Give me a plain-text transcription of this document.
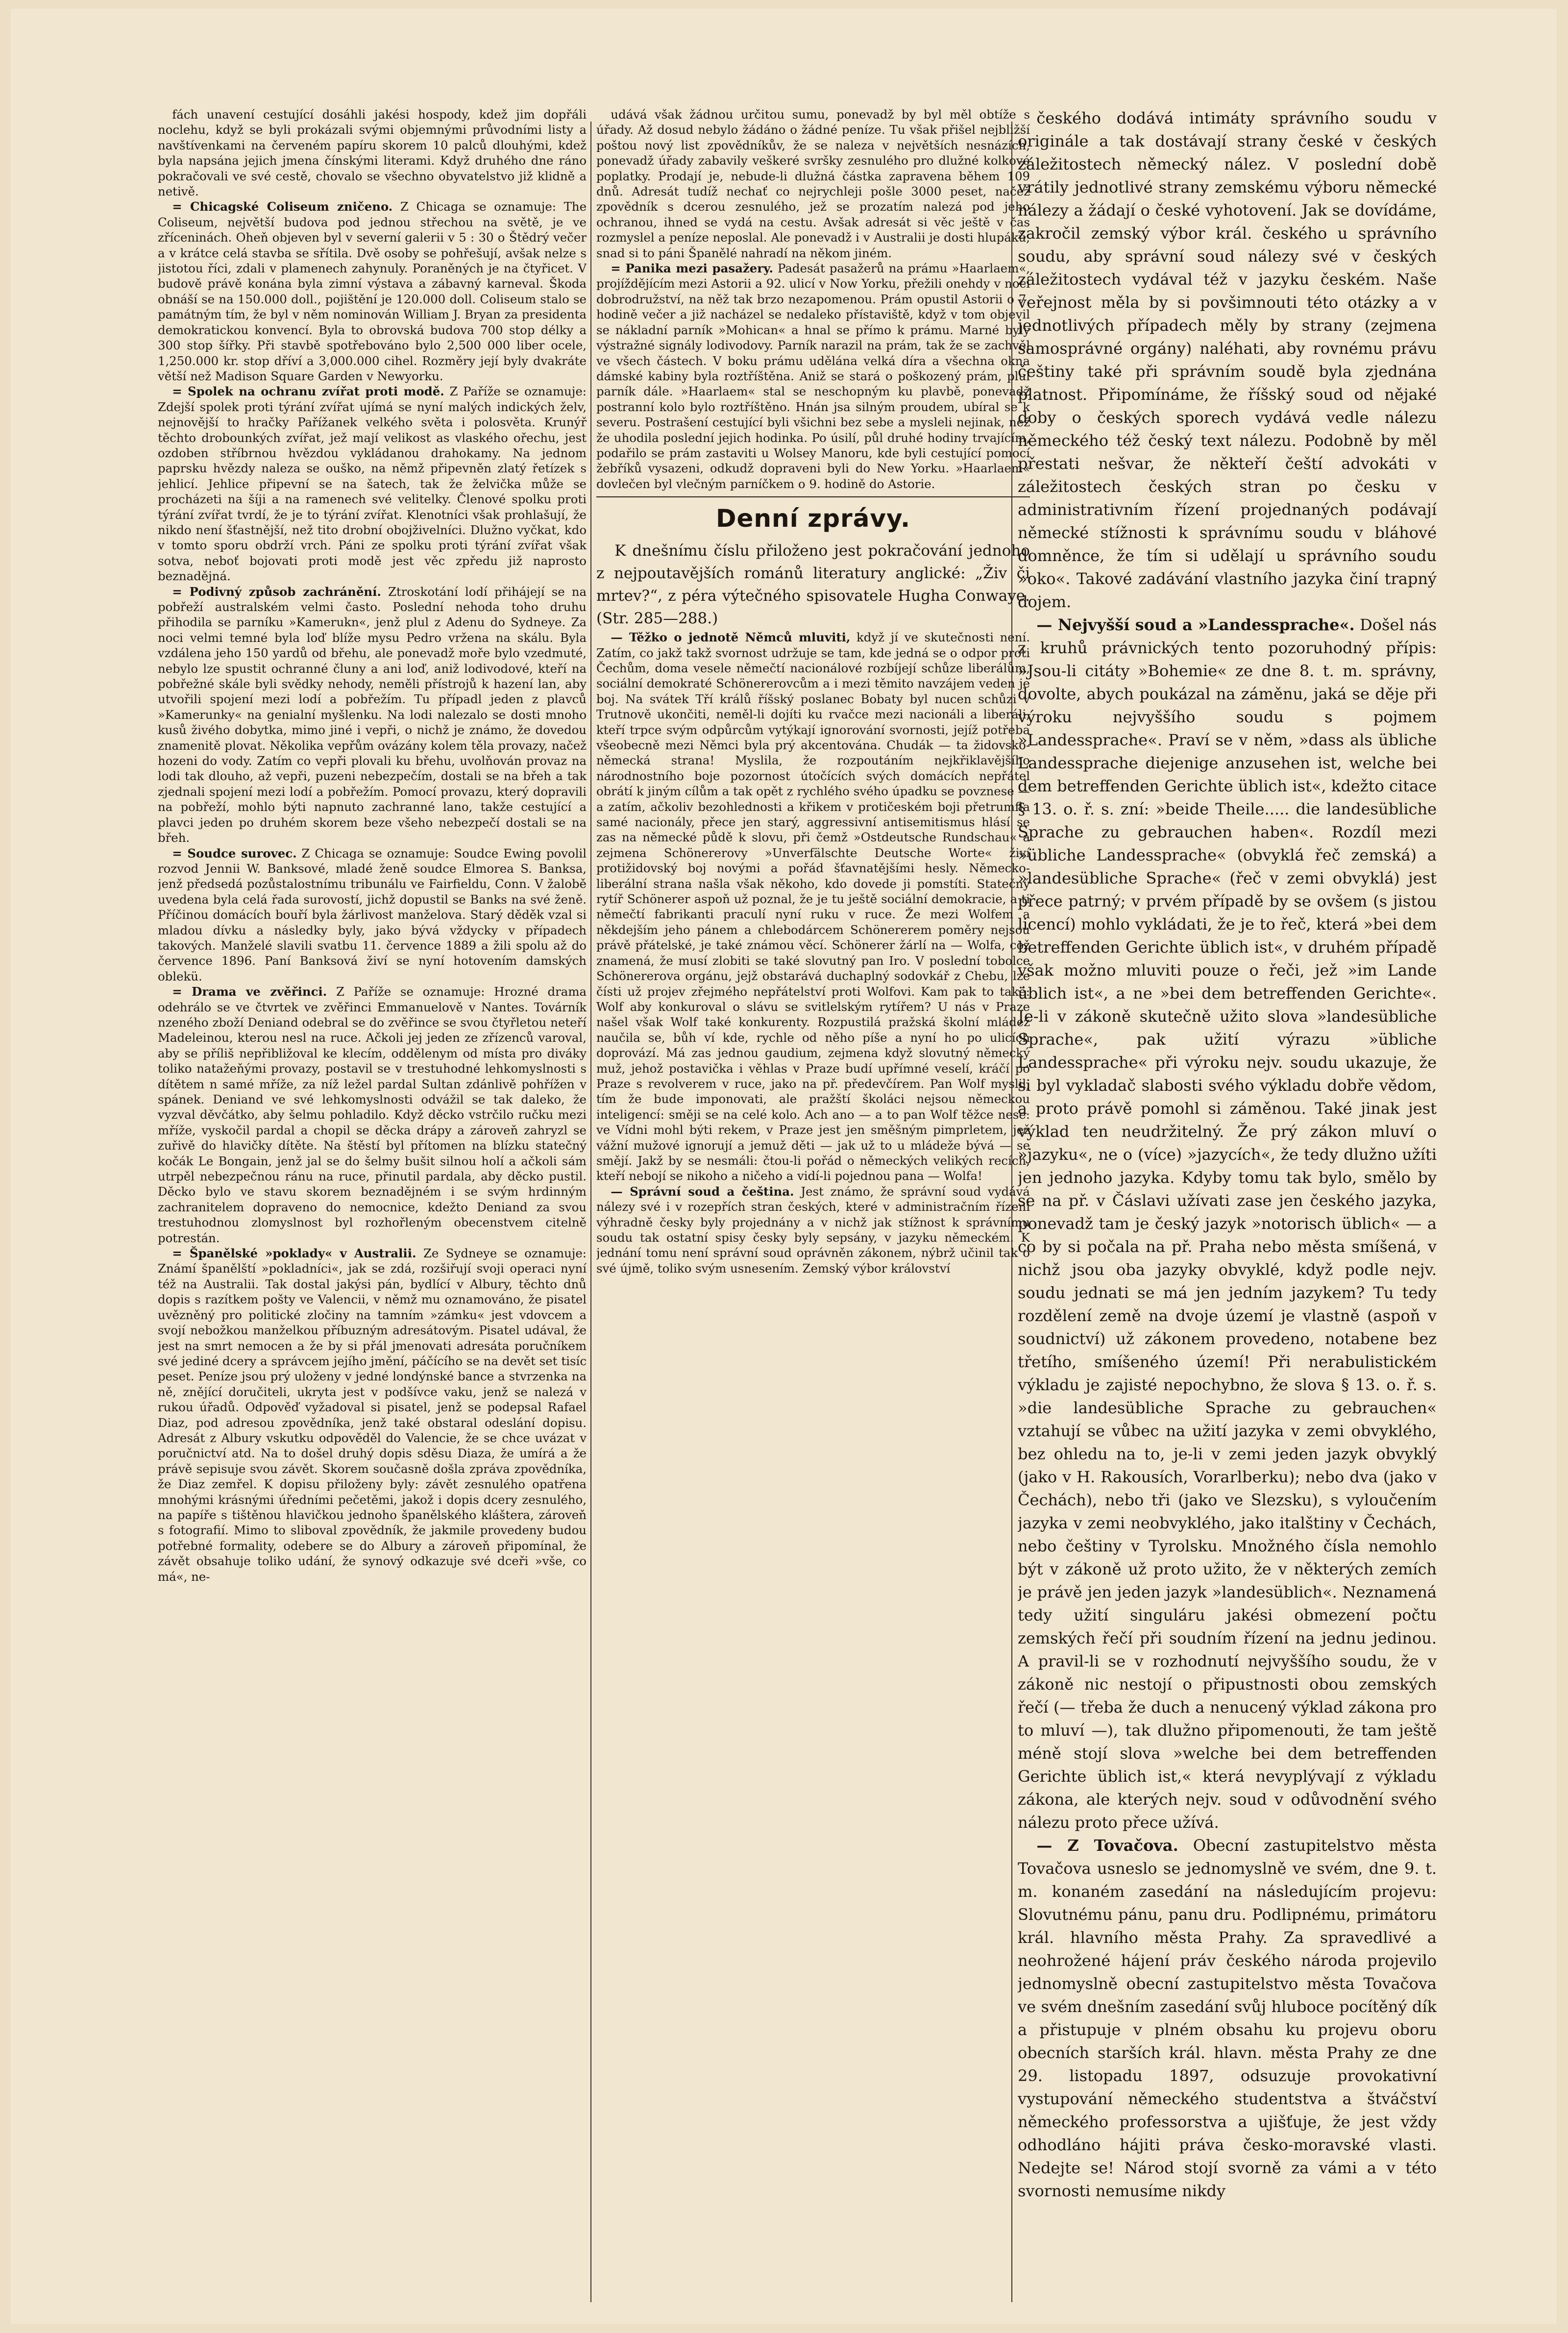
fách unavení cestující dosáhli jakési hospody, kdež jim dopřáli noclehu, když se byli prokázali svými objemnými průvodními listy a navštívenkami na červeném papíru skorem 10 palců dlouhými, kdež byla napsána jejich jmena čínskými literami. Když druhého dne ráno pokračovali ve své cestě, chovalo se všechno obyvatelstvo již klidně a netivě.

= Chicagské Coliseum zničeno. Z Chicaga se oznamuje: The Coliseum, největší budova pod jednou střechou na světě, je ve zříceninách. Oheň objeven byl v severní galerii v 5 : 30 o Štědrý večer a v krátce celá stavba se sřítila. Dvě osoby se pohřešují, avšak nelze s jistotou říci, zdali v plamenech zahynuly. Poraněných je na čtyřicet. V budově právě konána byla zimní výstava a zábavný karneval. Škoda obnáší se na 150.000 doll., pojištění je 120.000 doll. Coliseum stalo se památným tím, že byl v něm nominován William J. Bryan za presidenta demokratickou konvencí. Byla to obrovská budova 700 stop délky a 300 stop šířky. Při stavbě spotřebováno bylo 2,500 000 liber ocele, 1,250.000 kr. stop dříví a 3,000.000 cihel. Rozměry její byly dvakráte větší než Madison Square Garden v Newyorku.

= Spolek na ochranu zvířat proti modě. Z Paříže se oznamuje: Zdejší spolek proti týrání zvířat ujímá se nyní malých indických želv, nejnovější to hračky Pařížanek velkého světa i polosvěta. Krunýř těchto drobounkých zvířat, jež mají velikost as vlaského ořechu, jest ozdoben stříbrnou hvězdou vykládanou drahokamy. Na jednom paprsku hvězdy naleza se ouško, na němž připevněn zlatý řetízek s jehlicí. Jehlice připevní se na šatech, tak že želvička může se procházeti na šíji a na ramenech své velitelky. Členové spolku proti týrání zvířat tvrdí, že je to týrání zvířat. Klenotníci však prohlašují, že nikdo není šťastnější, než tito drobní obojživelníci. Dlužno vyčkat, kdo v tomto sporu obdrží vrch. Páni ze spolku proti týrání zvířat však sotva, neboť bojovati proti modě jest věc zpředu již naprosto beznadějná.

= Podivný způsob zachránění. Ztroskotání lodí přihájejí se na pobřeží australském velmi často. Poslední nehoda toho druhu přihodila se parníku »Kamerukn«, jenž plul z Adenu do Sydneye. Za noci velmi temné byla loď blíže mysu Pedro vržena na skálu. Byla vzdálena jeho 150 yardů od břehu, ale ponevadž moře bylo vzedmuté, nebylo lze spustit ochranné čluny a ani loď, aniž lodivodové, kteří na pobřežné skále byli svědky nehody, neměli přístrojů k hazení lan, aby utvořili spojení mezi lodí a pobřežím. Tu případl jeden z plavců »Kamerunky« na genialní myšlenku. Na lodi nalezalo se dosti mnoho kusů živého dobytka, mimo jiné i vepři, o nichž je známo, že dovedou znamenitě plovat. Několika vepřům ovázány kolem těla provazy, načež hozeni do vody. Zatím co vepři plovali ku břehu, uvolňován provaz na lodi tak dlouho, až vepři, puzeni nebezpečím, dostali se na břeh a tak zjednali spojení mezi lodí a pobřežím. Pomocí provazu, který dopravili na pobřeží, mohlo býti napnuto zachranné lano, takže cestující a plavci jeden po druhém skorem beze všeho nebezpečí dostali se na břeh.

= Soudce surovec. Z Chicaga se oznamuje: Soudce Ewing povolil rozvod Jennii W. Banksové, mladé ženě soudce Elmorea S. Banksa, jenž předsedá pozůstalostnímu tribunálu ve Fairfieldu, Conn. V žalobě uvedena byla celá řada surovostí, jichž dopustil se Banks na své ženě. Příčinou domácích bouří byla žárlivost manželova. Starý děděk vzal si mladou dívku a následky byly, jako bývá vždycky v případech takových. Manželé slavili svatbu 11. července 1889 a žili spolu až do července 1896. Paní Banksová živí se nyní hotovením damských oblekü.

= Drama ve zvěřinci. Z Paříže se oznamuje: Hrozné drama odehrálo se ve čtvrtek ve zvěřinci Emmanuelově v Nantes. Továrník nzeného zboží Deniand odebral se do zvěřince se svou čtyřletou neteří Madeleinou, kterou nesl na ruce. Ačkoli jej jeden ze zřízenců varoval, aby se příliš nepřibližoval ke klecím, oddělenym od místa pro diváky toliko natažeňými provazy, postavil se v trestuhodné lehkomyslnosti s dítětem n samé mříže, za níž ležel pardal Sultan zdánlivě pohřížen v spánek. Deniand ve své lehkomyslnosti odvážil se tak daleko, že vyzval děvčátko, aby šelmu pohladilo. Když děcko vstrčilo ručku mezi mříže, vyskočil pardal a chopil se děcka drápy a zároveň zahryzl se zuřivě do hlavičky dítěte. Na štěstí byl přítomen na blízku statečný kočák Le Bongain, jenž jal se do šelmy bušit silnou holí a ačkoli sám utrpěl nebezpečnou ránu na ruce, přinutil pardala, aby děcko pustil. Děcko bylo ve stavu skorem beznadějném i se svým hrdinným zachranitelem dopraveno do nemocnice, kdežto Deniand za svou trestuhodnou zlomyslnost byl rozhořleným obecenstvem citelně potrestán.

= Španělské »poklady« v Australii. Ze Sydneye se oznamuje: Známí španělští »pokladníci«, jak se zdá, rozšiřují svoji operaci nyní též na Australii. Tak dostal jakýsi pán, bydlící v Albury, těchto dnů dopis s razítkem pošty ve Valencii, v němž mu oznamováno, že pisatel uvězněný pro politické zločiny na tamním »zámku« jest vdovcem a svojí nebožkou manželkou příbuzným adresátovým. Pisatel udával, že jest na smrt nemocen a že by si přál jmenovati adresáta poručníkem své jediné dcery a správcem jejího jmění, páčícího se na devět set tisíc peset. Peníze jsou prý uloženy v jedné londýnské bance a stvrzenka na ně, znějící doručiteli, ukryta jest v podšívce vaku, jenž se nalezá v rukou úřadů. Odpověď vyžadoval si pisatel, jenž se podepsal Rafael Diaz, pod adresou zpovědníka, jenž také obstaral odeslání dopisu. Adresát z Albury vskutku odpověděl do Valencie, že se chce uvázat v poručnictví atd. Na to došel druhý dopis sděsu Diaza, že umírá a že právě sepisuje svou závět. Skorem současně došla zpráva zpovědníka, že Diaz zemřel. K dopisu přiloženy byly: závět zesnulého opatřena mnohými krásnými úředními pečetěmi, jakož i dopis dcery zesnulého, na papíře s tištěnou hlavičkou jednoho španělského kláštera, zároveň s fotografií. Mimo to sliboval zpovědník, že jakmile provedeny budou potřebné formality, odebere se do Albury a zároveň připomínal, že závět obsahuje toliko udání, že synový odkazuje své dceři »vše, co má«, ne-

udává však žádnou určitou sumu, ponevadž by byl měl obtíže s úřady. Až dosud nebylo žádáno o žádné peníze. Tu však přišel nejbližší poštou nový list zpovědníkův, že se naleza v největších nesnázích, ponevadž úřady zabavily veškeré svršky zesnulého pro dlužné kolkové poplatky. Prodají je, nebude-li dlužná částka zapravena během 109 dnů. Adresát tudíž nechať co nejrychleji pošle 3000 peset, načež zpovědník s dcerou zesnulého, jež se prozatím nalezá pod jeho ochranou, ihned se vydá na cestu. Avšak adresát si věc ještě v čas rozmyslel a peníze neposlal. Ale ponevadž i v Australii je dosti hlupáků, snad si to páni Španělé nahradí na někom jiném.

= Panika mezi pasažery. Padesát pasažerů na prámu »Haarlaem«, projíždějícím mezi Astorii a 92. ulicí v Now Yorku, přežili onehdy v noci dobrodružství, na něž tak brzo nezapomenou. Prám opustil Astorii o 7. hodině večer a již nacházel se nedaleko přístaviště, když v tom objevil se nákladní parník »Mohican« a hnal se přímo k prámu. Marné byly výstražné signály lodivodovy. Parník narazil na prám, tak že se zachvěl ve všech částech. V boku prámu udělána velká díra a všechna okna dámské kabiny byla roztříštěna. Aniž se stará o poškozený prám, plul parník dále. »Haarlaem« stal se neschopným ku plavbě, ponevadž postranní kolo bylo roztříštěno. Hnán jsa silným proudem, ubíral se k severu. Postrašení cestující byli všichni bez sebe a mysleli nejinak, než že uhodila poslední jejich hodinka. Po úsilí, půl druhé hodiny trvajícím, podařilo se prám zastaviti u Wolsey Manoru, kde byli cestující pomocí žebříků vysazeni, odkudž dopraveni byli do New Yorku. »Haarlaem« dovlečen byl vlečným parníčkem o 9. hodině do Astorie.

Denní zprávy.

K dnešnímu číslu přiloženo jest pokračování jednoho z nejpoutavějších románů literatury anglické: „Živ či mrtev?“, z péra výtečného spisovatele Hugha Conwaye. (Str. 285—288.)

— Těžko o jednotě Němců mluviti, když jí ve skutečnosti není. Zatím, co jakž takž svornost udržuje se tam, kde jedná se o odpor proti Čechům, doma vesele němečtí nacionálové rozbíjejí schůze liberálům, sociální demokraté Schönererovcům a i mezi těmito navzájem veden je boj. Na svátek Tří králů říšský poslanec Bobaty byl nucen schůzi v Trutnově ukončiti, neměl-li dojíti ku rvačce mezi nacionáli a liberáli, kteří trpce svým odpůrcům vytýkají ignorování svornosti, jejíž potřeba všeobecně mezi Němci byla prý akcentována. Chudák — ta židovsko-německá strana! Myslila, že rozpoutáním nejkřiklavějšího národnostního boje pozornost útočících svých domácích nepřátel obrátí k jiným cílům a tak opět z rychlého svého úpadku se povznese — a zatím, ačkoliv bezohlednosti a křikem v protičeském boji přetrumfla samé nacionály, přece jen starý, aggressivní antisemitismus hlásí se zas na německé půdě k slovu, při čemž »Ostdeutsche Rundschau« a zejmena Schönererovy »Unverfälschte Deutsche Worte« živí protižidovský boj novými a pořád šťavnatějšími hesly. Německo-liberální strana našla však někoho, kdo dovede ji pomstíti. Statečný rytíř Schönerer aspoň už poznal, že je tu ještě sociální demokracie, a ti němečtí fabrikanti praculí nyní ruku v ruce. Že mezi Wolfem a někdejším jeho pánem a chlebodárcem Schönererem poměry nejsou právě přátelské, je také známou věcí. Schönerer žárlí na — Wolfa, což znamená, že musí zlobiti se také slovutný pan Iro. V poslední tobolce Schönererova orgánu, jejž obstarává duchaplný sodovkář z Chebu, lze čísti už projev zřejmého nepřátelství proti Wolfovi. Kam pak to také: Wolf aby konkuroval o slávu se svitlelským rytířem? U nás v Praze našel však Wolf také konkurenty. Rozpustilá pražská školní mládež naučila se, bůh ví kde, rychle od něho píše a nyní ho po ulicích doprovází. Má zas jednou gaudium, zejmena když slovutný německý muž, jehož postavička i věhlas v Praze budí upřímné veselí, kráčí po Praze s revolverem v ruce, jako na př. předevčírem. Pan Wolf myslil, tím že bude imponovati, ale pražští školáci nejsou německou inteligencí: směji se na celé kolo. Ach ano — a to pan Wolf těžce nese: ve Vídni mohl býti rekem, v Praze jest jen směšným pimprletem, jež vážní mužové ignorují a jemuž děti — jak už to u mládeže bývá — se smějí. Jakž by se nesmáli: čtou-li pořád o německých velikých recích, kteří nebojí se nikoho a ničeho a vidí-li pojednou pana — Wolfa!

— Správní soud a čeština. Jest známo, že správní soud vydává nálezy své i v rozepřích stran českých, které v administračním řízení výhradně česky byly projednány a v nichž jak stížnost k správnímu soudu tak ostatní spisy česky byly sepsány, v jazyku německém. K jednání tomu není správní soud oprávněn zákonem, nýbrž učinil tak o své újmě, toliko svým usnesením. Zemský výbor království

českého dodává intimáty správního soudu v originále a tak dostávají strany české v českých záležitostech německý nález. V poslední době vrátily jednotlivé strany zemskému výboru německé nálezy a žádají o české vyhotovení. Jak se dovídáme, zakročil zemský výbor král. českého u správního soudu, aby správní soud nálezy své v českých záležitostech vydával též v jazyku českém. Naše veřejnost měla by si povšimnouti této otázky a v jednotlivých případech měly by strany (zejmena samosprávné orgány) naléhati, aby rovnému právu češtiny také při správním soudě byla zjednána platnost. Připomínáme, že říšský soud od nějaké doby o českých sporech vydává vedle nálezu německého též český text nálezu. Podobně by měl přestati nešvar, že někteří čeští advokáti v záležitostech českých stran po česku v administrativním řízení projednaných podávají německé stížnosti k správnímu soudu v bláhové domněnce, že tím si udělají u správního soudu »oko«. Takové zadávání vlastního jazyka činí trapný dojem.

— Nejvyšší soud a »Landessprache«. Došel nás z kruhů právnických tento pozoruhodný přípis: »Jsou-li citáty »Bohemie« ze dne 8. t. m. správny, dovolte, abych poukázal na záměnu, jaká se děje při výroku nejvyššího soudu s pojmem »Landessprache«. Praví se v něm, »dass als übliche Landessprache diejenige anzusehen ist, welche bei dem betreffenden Gerichte üblich ist«, kdežto citace § 13. o. ř. s. zní: »beide Theile..... die landesübliche Sprache zu gebrauchen haben«. Rozdíl mezi »übliche Landessprache« (obvyklá řeč zemská) a »landesübliche Sprache« (řeč v zemi obvyklá) jest přece patrný; v prvém případě by se ovšem (s jistou licencí) mohlo vykládati, že je to řeč, která »bei dem betreffenden Gerichte üblich ist«, v druhém případě však možno mluviti pouze o řeči, jež »im Lande üblich ist«, a ne »bei dem betreffenden Gerichte«. Je-li v zákoně skutečně užito slova »landesübliche Sprache«, pak užití výrazu »übliche Landessprache« při výroku nejv. soudu ukazuje, že si byl vykladač slabosti svého výkladu dobře vědom, a proto právě pomohl si záměnou. Také jinak jest výklad ten neudržitelný. Že prý zákon mluví o »jazyku«, ne o (více) »jazycích«, že tedy dlužno užíti jen jednoho jazyka. Kdyby tomu tak bylo, smělo by se na př. v Čáslavi užívati zase jen českého jazyka, ponevadž tam je český jazyk »notorisch üblich« — a co by si počala na př. Praha nebo města smíšená, v nichž jsou oba jazyky obvyklé, když podle nejv. soudu jednati se má jen jedním jazykem? Tu tedy rozdělení země na dvoje území je vlastně (aspoň v soudnictví) už zákonem provedeno, notabene bez třetího, smíšeného území! Při nerabulistickém výkladu je zajisté nepochybno, že slova § 13. o. ř. s. »die landesübliche Sprache zu gebrauchen« vztahují se vůbec na užití jazyka v zemi obvyklého, bez ohledu na to, je-li v zemi jeden jazyk obvyklý (jako v H. Rakousích, Vorarlberku); nebo dva (jako v Čechách), nebo tři (jako ve Slezsku), s vyloučením jazyka v zemi neobvyklého, jako italštiny v Čechách, nebo češtiny v Tyrolsku. Množného čísla nemohlo být v zákoně už proto užito, že v některých zemích je právě jen jeden jazyk »landesüblich«. Neznamená tedy užití singuláru jakési obmezení počtu zemských řečí při soudním řízení na jednu jedinou. A pravil-li se v rozhodnutí nejvyššího soudu, že v zákoně nic nestojí o připustnosti obou zemských řečí (— třeba že duch a nenucený výklad zákona pro to mluví —), tak dlužno připomenouti, že tam ještě méně stojí slova »welche bei dem betreffenden Gerichte üblich ist,« která nevyplývají z výkladu zákona, ale kterých nejv. soud v odůvodnění svého nálezu proto přece užívá.

— Z Tovačova. Obecní zastupitelstvo města Tovačova usneslo se jednomyslně ve svém, dne 9. t. m. konaném zasedání na následujícím projevu: Slovutnému pánu, panu dru. Podlipnému, primátoru král. hlavního města Prahy. Za spravedlivé a neohrožené hájení práv českého národa projevilo jednomyslně obecní zastupitelstvo města Tovačova ve svém dnešním zasedání svůj hluboce pocítěný dík a přistupuje v plném obsahu ku projevu oboru obecních starších král. hlavn. města Prahy ze dne 29. listopadu 1897, odsuzuje provokativní vystupování německého studentstva a štváčství německého professorstva a ujišťuje, že jest vždy odhodláno hájiti práva česko-moravské vlasti. Nedejte se! Národ stojí svorně za vámi a v této svornosti nemusíme nikdy
